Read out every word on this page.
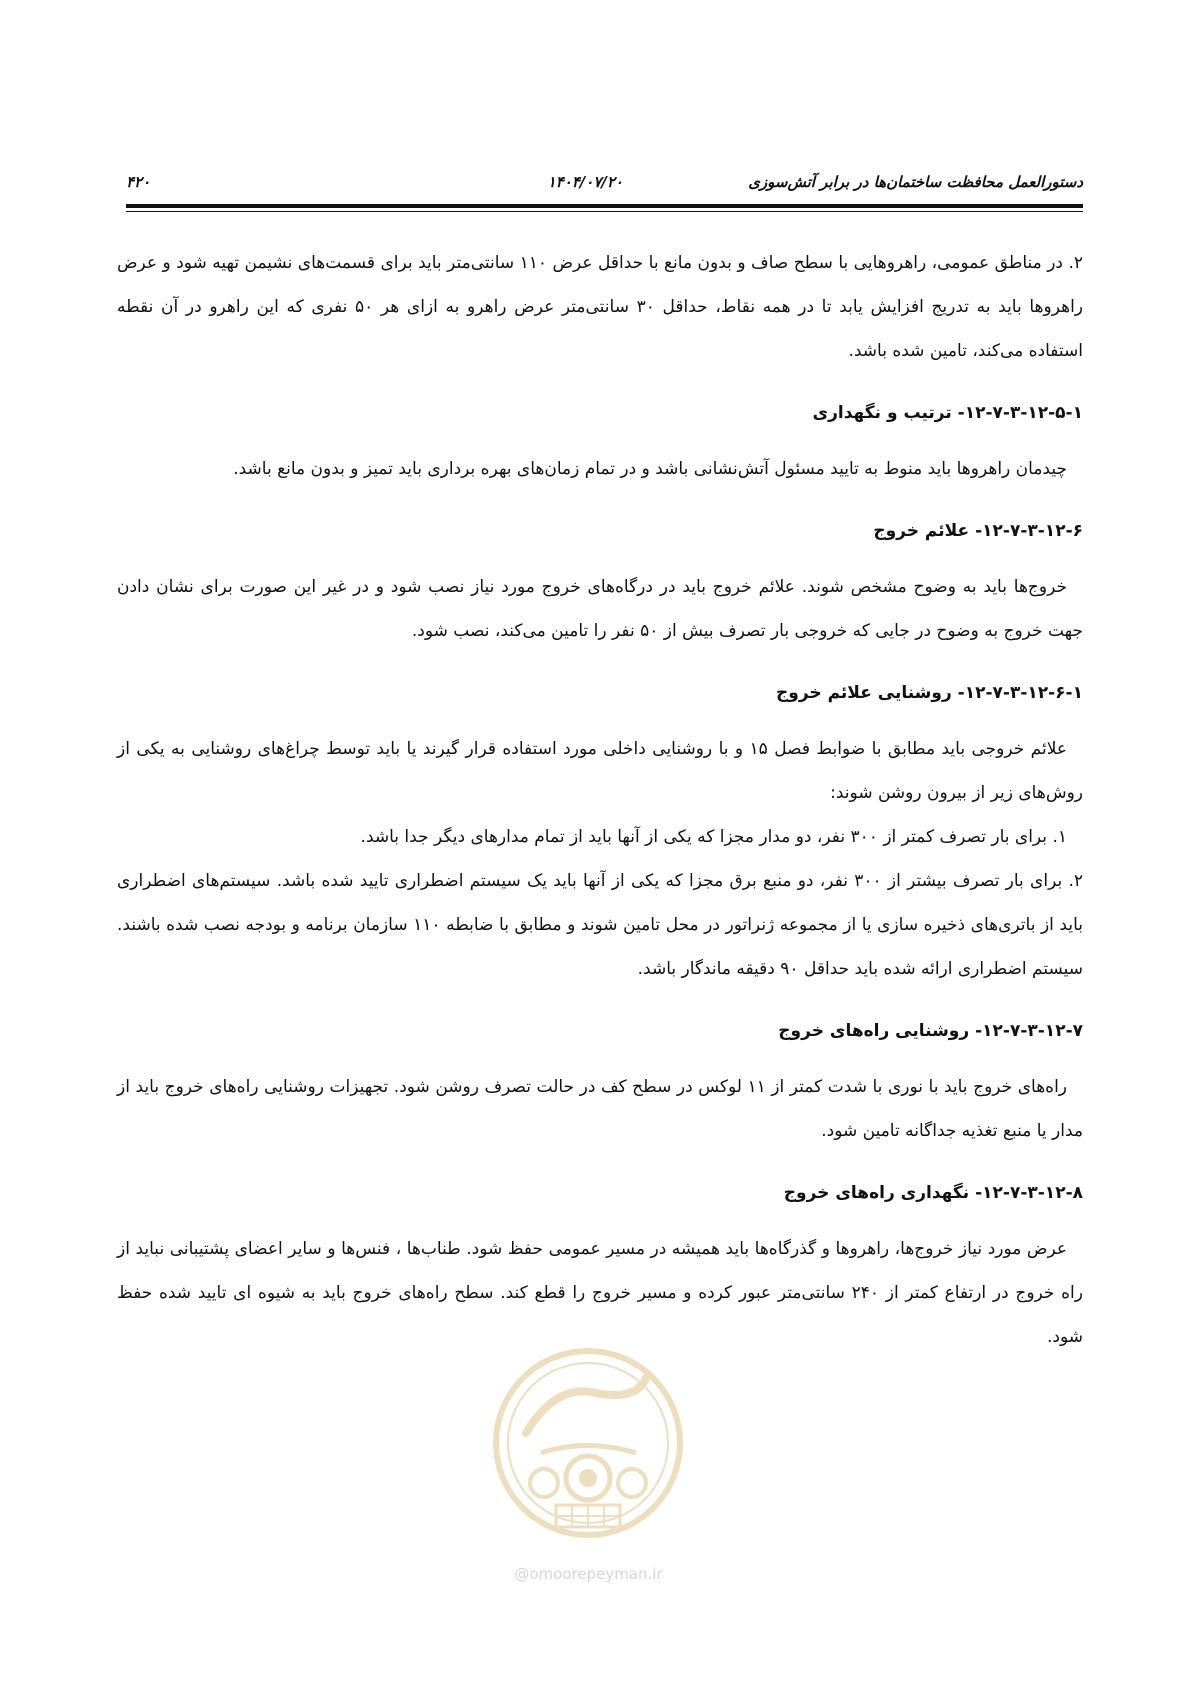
دستورالعمل محافظت ساختمان‌ها در برابر آتش‌سوزی
۱۴۰۴/۰۷/۲۰
۴۲۰

۲. در مناطق عمومی، راهروهایی با سطح صاف و بدون مانع با حداقل عرض ۱۱۰ سانتی‌متر باید برای قسمت‌های نشیمن تهیه شود و عرض راهروها باید به تدریج افزایش یابد تا در همه نقاط، حداقل ۳۰ سانتی‌متر عرض راهرو به ازای هر ۵۰ نفری که این راهرو در آن نقطه استفاده می‌کند، تامین شده باشد.

۱۲-۷-۳-۱۲-۵-۱- ترتیب و نگهداری

چیدمان راهروها باید منوط به تایید مسئول آتش‌نشانی باشد و در تمام زمان‌های بهره برداری باید تمیز و بدون مانع باشد.

۱۲-۷-۳-۱۲-۶- علائم خروج

خروج‌ها باید به وضوح مشخص شوند. علائم خروج باید در درگاه‌های خروج مورد نیاز نصب شود و در غیر این صورت برای نشان دادن جهت خروج به وضوح در جایی که خروجی بار تصرف بیش از ۵۰ نفر را تامین می‌کند، نصب شود.

۱۲-۷-۳-۱۲-۶-۱- روشنایی علائم خروج

علائم خروجی باید مطابق با ضوابط فصل ۱۵ و با روشنایی داخلی مورد استفاده قرار گیرند یا باید توسط چراغ‌های روشنایی به یکی از روش‌های زیر از بیرون روشن شوند:

۱. برای بار تصرف کمتر از ۳۰۰ نفر، دو مدار مجزا که یکی از آنها باید از تمام مدارهای دیگر جدا باشد.

۲. برای بار تصرف بیشتر از ۳۰۰ نفر، دو منبع برق مجزا که یکی از آنها باید یک سیستم اضطراری تایید شده باشد. سیستم‌های اضطراری باید از باتری‌های ذخیره سازی یا از مجموعه ژنراتور در محل تامین شوند و مطابق با ضابطه ۱۱۰ سازمان برنامه و بودجه نصب شده باشند. سیستم اضطراری ارائه شده باید حداقل ۹۰ دقیقه ماندگار باشد.

۱۲-۷-۳-۱۲-۷- روشنایی راه‌های خروج

راه‌های خروج باید با نوری با شدت کمتر از ۱۱ لوکس در سطح کف در حالت تصرف روشن شود. تجهیزات روشنایی راه‌های خروج باید از مدار یا منبع تغذیه جداگانه تامین شود.

۱۲-۷-۳-۱۲-۸- نگهداری راه‌های خروج

عرض مورد نیاز خروج‌ها، راهروها و گذرگاه‌ها باید همیشه در مسیر عمومی حفظ شود. طناب‌ها ، فنس‌ها و سایر اعضای پشتیبانی نباید از راه خروج در ارتفاع کمتر از ۲۴۰ سانتی‌متر عبور کرده و مسیر خروج را قطع کند. سطح راه‌های خروج باید به شیوه ای تایید شده حفظ شود.

@omoorepeyman.ir
